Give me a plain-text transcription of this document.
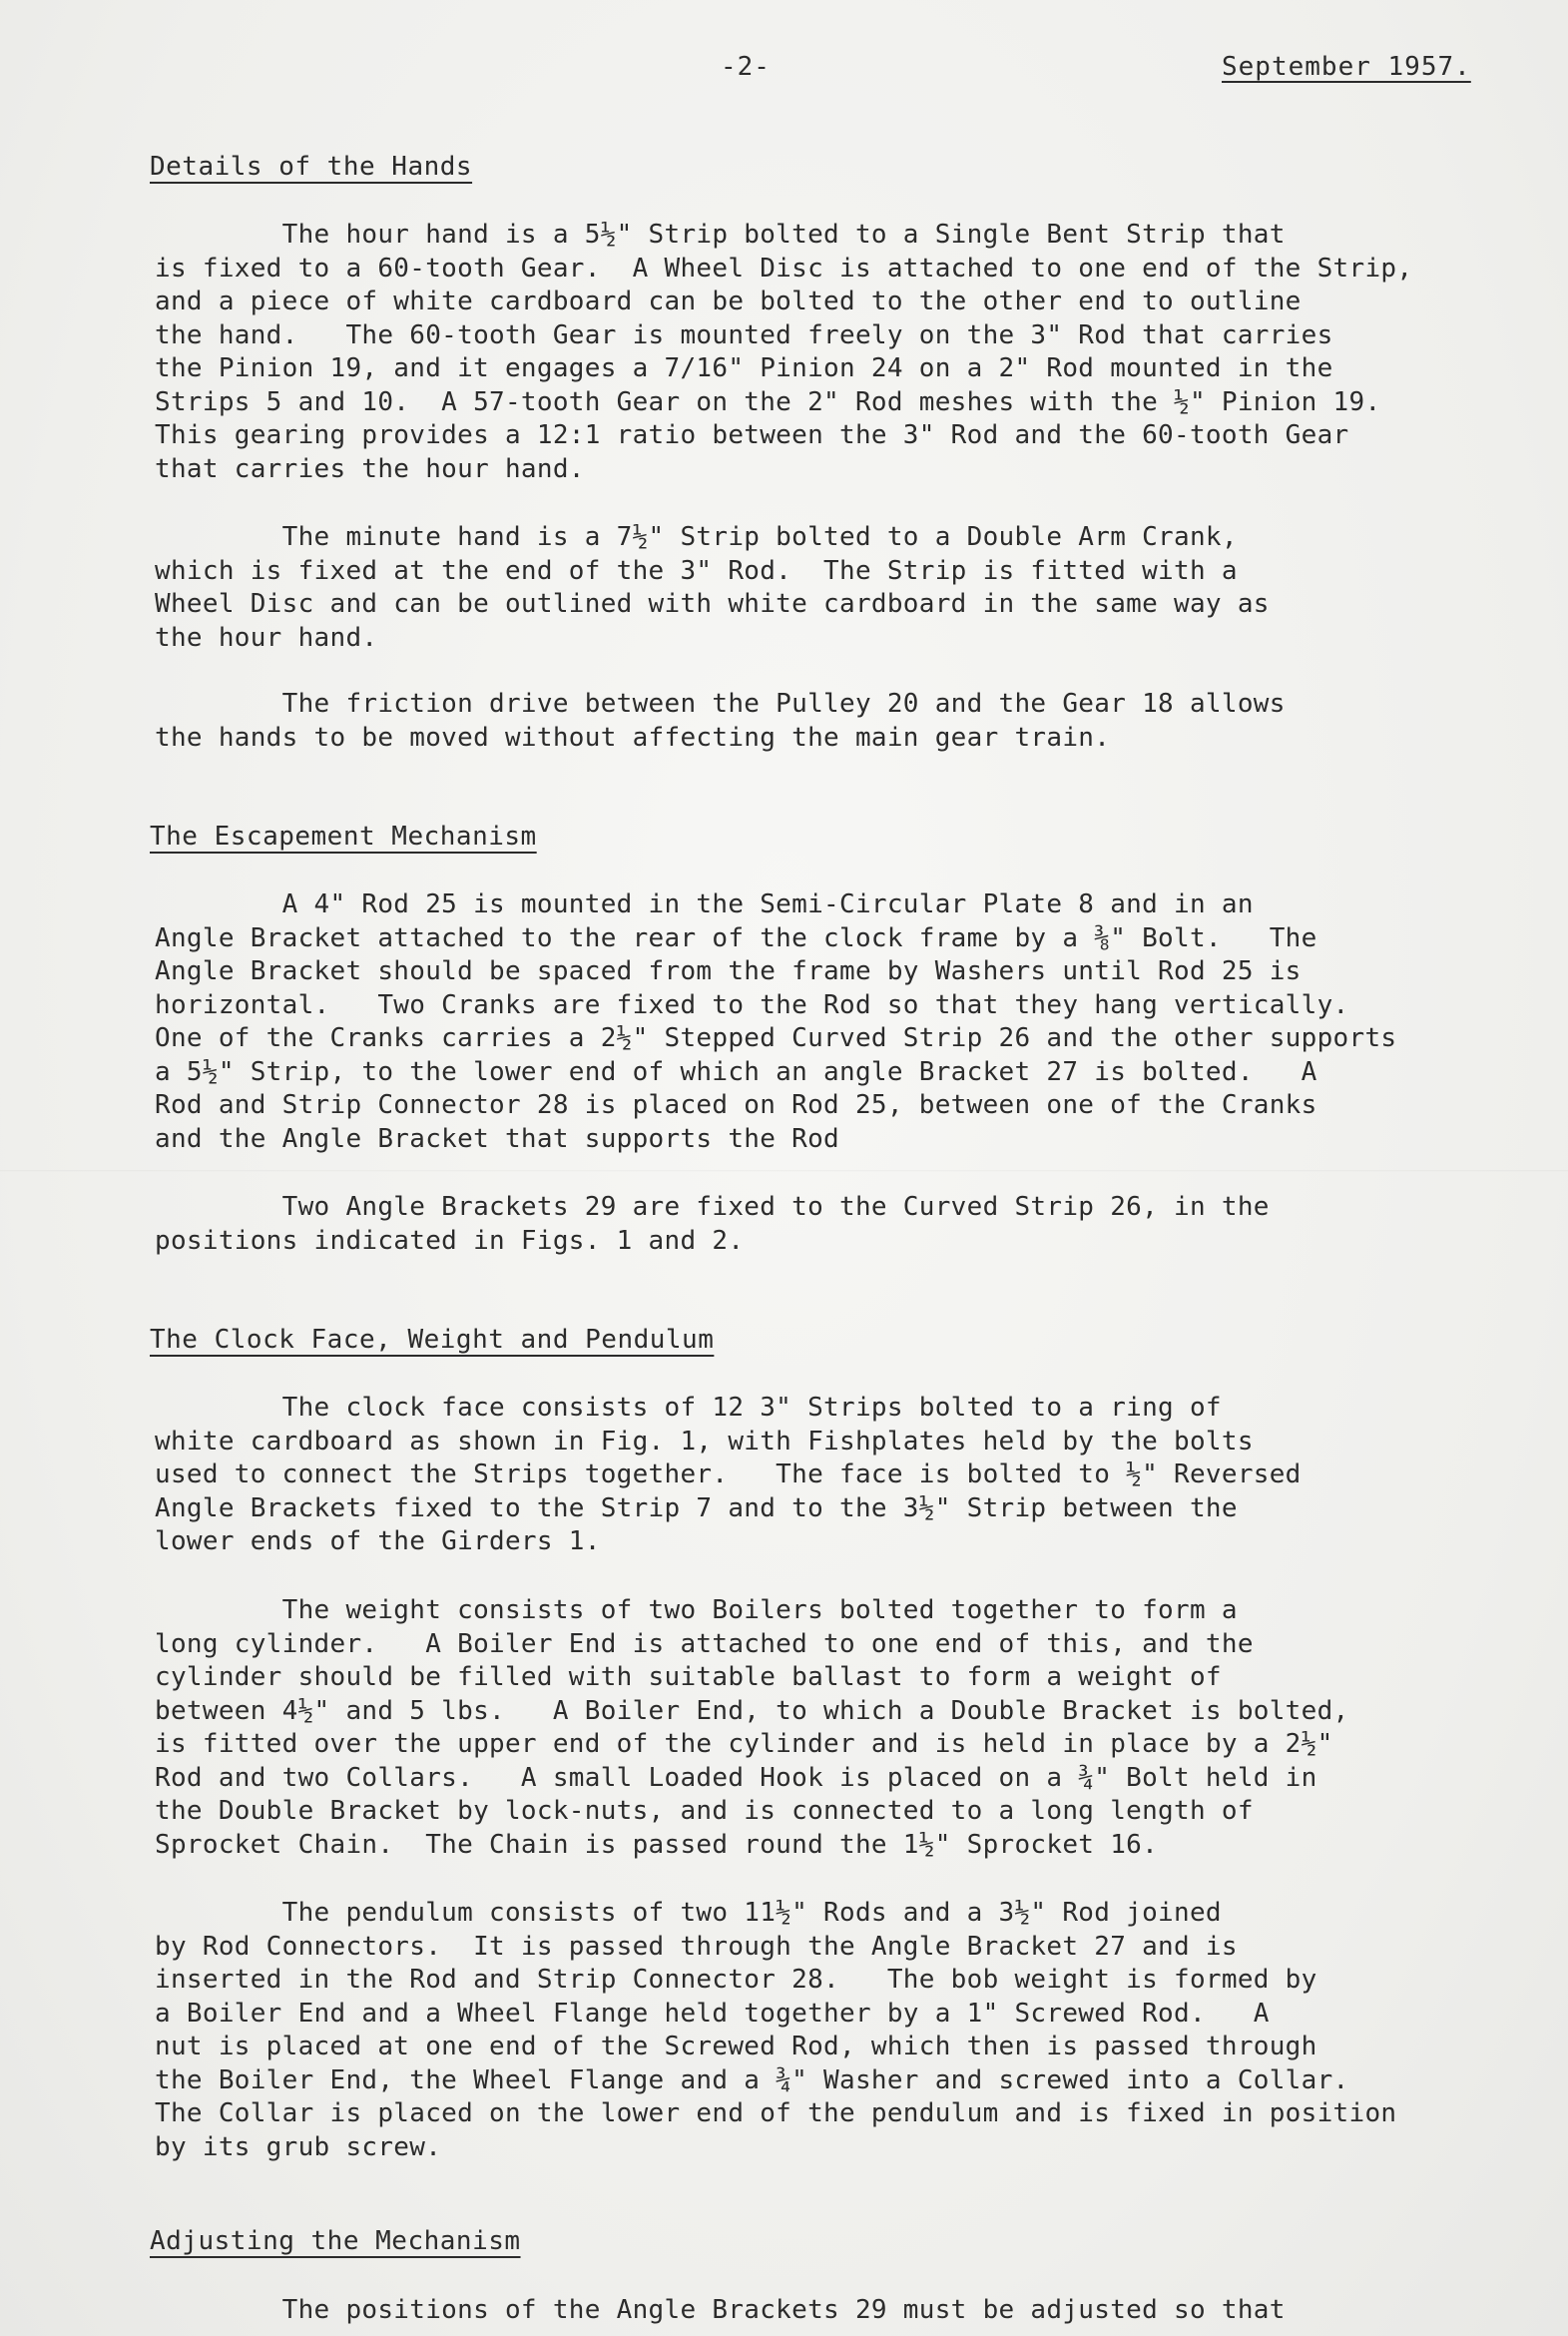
-2-	September 1957.
Details of the Hands
The hour hand is a 5½" Strip bolted to a Single Bent Strip that
is fixed to a 60-tooth Gear.  A Wheel Disc is attached to one end of the Strip,
and a piece of white cardboard can be bolted to the other end to outline
the hand.   The 60-tooth Gear is mounted freely on the 3" Rod that carries
the Pinion 19, and it engages a 7/16" Pinion 24 on a 2" Rod mounted in the
Strips 5 and 10.  A 57-tooth Gear on the 2" Rod meshes with the ½" Pinion 19.
This gearing provides a 12:1 ratio between the 3" Rod and the 60-tooth Gear
that carries the hour hand.
The minute hand is a 7½" Strip bolted to a Double Arm Crank,
which is fixed at the end of the 3" Rod.  The Strip is fitted with a
Wheel Disc and can be outlined with white cardboard in the same way as
the hour hand.
The friction drive between the Pulley 20 and the Gear 18 allows
the hands to be moved without affecting the main gear train.
The Escapement Mechanism
A 4" Rod 25 is mounted in the Semi-Circular Plate 8 and in an
Angle Bracket attached to the rear of the clock frame by a ⅜" Bolt.   The
Angle Bracket should be spaced from the frame by Washers until Rod 25 is
horizontal.   Two Cranks are fixed to the Rod so that they hang vertically.
One of the Cranks carries a 2½" Stepped Curved Strip 26 and the other supports
a 5½" Strip, to the lower end of which an angle Bracket 27 is bolted.   A
Rod and Strip Connector 28 is placed on Rod 25, between one of the Cranks
and the Angle Bracket that supports the Rod
Two Angle Brackets 29 are fixed to the Curved Strip 26, in the
positions indicated in Figs. 1 and 2.
The Clock Face, Weight and Pendulum
The clock face consists of 12 3" Strips bolted to a ring of
white cardboard as shown in Fig. 1, with Fishplates held by the bolts
used to connect the Strips together.   The face is bolted to ½" Reversed
Angle Brackets fixed to the Strip 7 and to the 3½" Strip between the
lower ends of the Girders 1.
The weight consists of two Boilers bolted together to form a
long cylinder.   A Boiler End is attached to one end of this, and the
cylinder should be filled with suitable ballast to form a weight of
between 4½" and 5 lbs.   A Boiler End, to which a Double Bracket is bolted,
is fitted over the upper end of the cylinder and is held in place by a 2½"
Rod and two Collars.   A small Loaded Hook is placed on a ¾" Bolt held in
the Double Bracket by lock-nuts, and is connected to a long length of
Sprocket Chain.  The Chain is passed round the 1½" Sprocket 16.
The pendulum consists of two 11½" Rods and a 3½" Rod joined
by Rod Connectors.  It is passed through the Angle Bracket 27 and is
inserted in the Rod and Strip Connector 28.   The bob weight is formed by
a Boiler End and a Wheel Flange held together by a 1" Screwed Rod.   A
nut is placed at one end of the Screwed Rod, which then is passed through
the Boiler End, the Wheel Flange and a ¾" Washer and screwed into a Collar.
The Collar is placed on the lower end of the pendulum and is fixed in position
by its grub screw.
Adjusting the Mechanism
The positions of the Angle Brackets 29 must be adjusted so that
